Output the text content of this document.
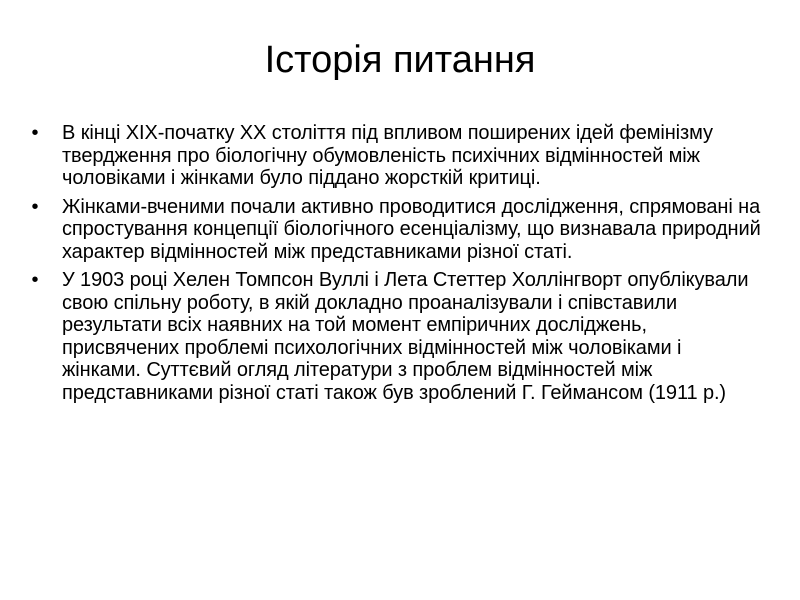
Історія питання
• В кінці XIX-початку XX століття під впливом поширених ідей фемінізму твердження про біологічну обумовленість психічних відмінностей між чоловіками і жінками було піддано жорсткій критиці.
• Жінками-вченими почали активно проводитися дослідження, спрямовані на спростування концепції біологічного есенціалізму, що визнавала природний характер відмінностей між представниками різної статі.
• У 1903 році Хелен Томпсон Вуллі і Лета Стеттер Холлінгворт опублікували свою спільну роботу, в якій докладно проаналізували і співставили результати всіх наявних на той момент емпіричних досліджень, присвячених проблемі психологічних відмінностей між чоловіками і жінками. Суттєвий огляд літератури з проблем відмінностей між представниками різної статі також був зроблений Г. Геймансом (1911 р.)
